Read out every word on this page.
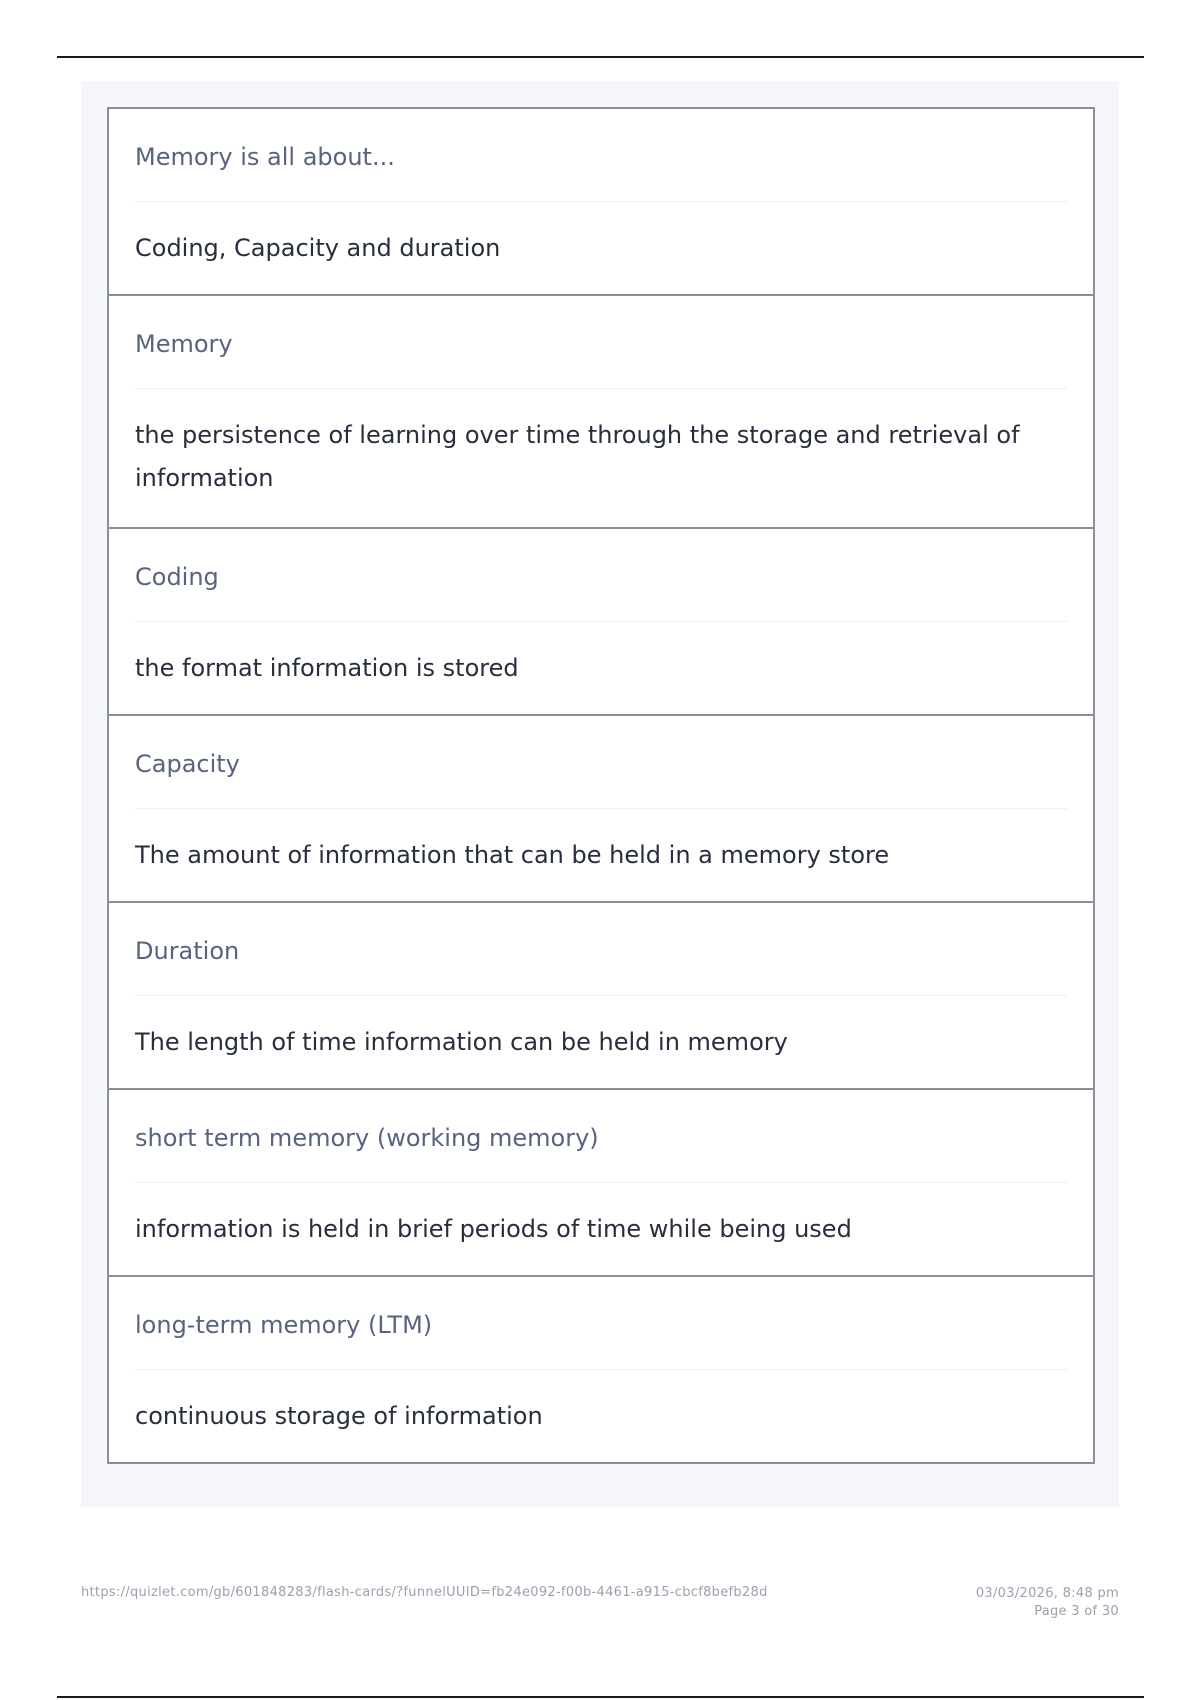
Memory is all about...
Coding, Capacity and duration
Memory
the persistence of learning over time through the storage and retrieval of information
Coding
the format information is stored
Capacity
The amount of information that can be held in a memory store
Duration
The length of time information can be held in memory
short term memory (working memory)
information is held in brief periods of time while being used
long-term memory (LTM)
continuous storage of information
https://quizlet.com/gb/601848283/flash-cards/?funnelUUID=fb24e092-f00b-4461-a915-cbcf8befb28d	03/03/2026, 8:48 pm
Page 3 of 30
